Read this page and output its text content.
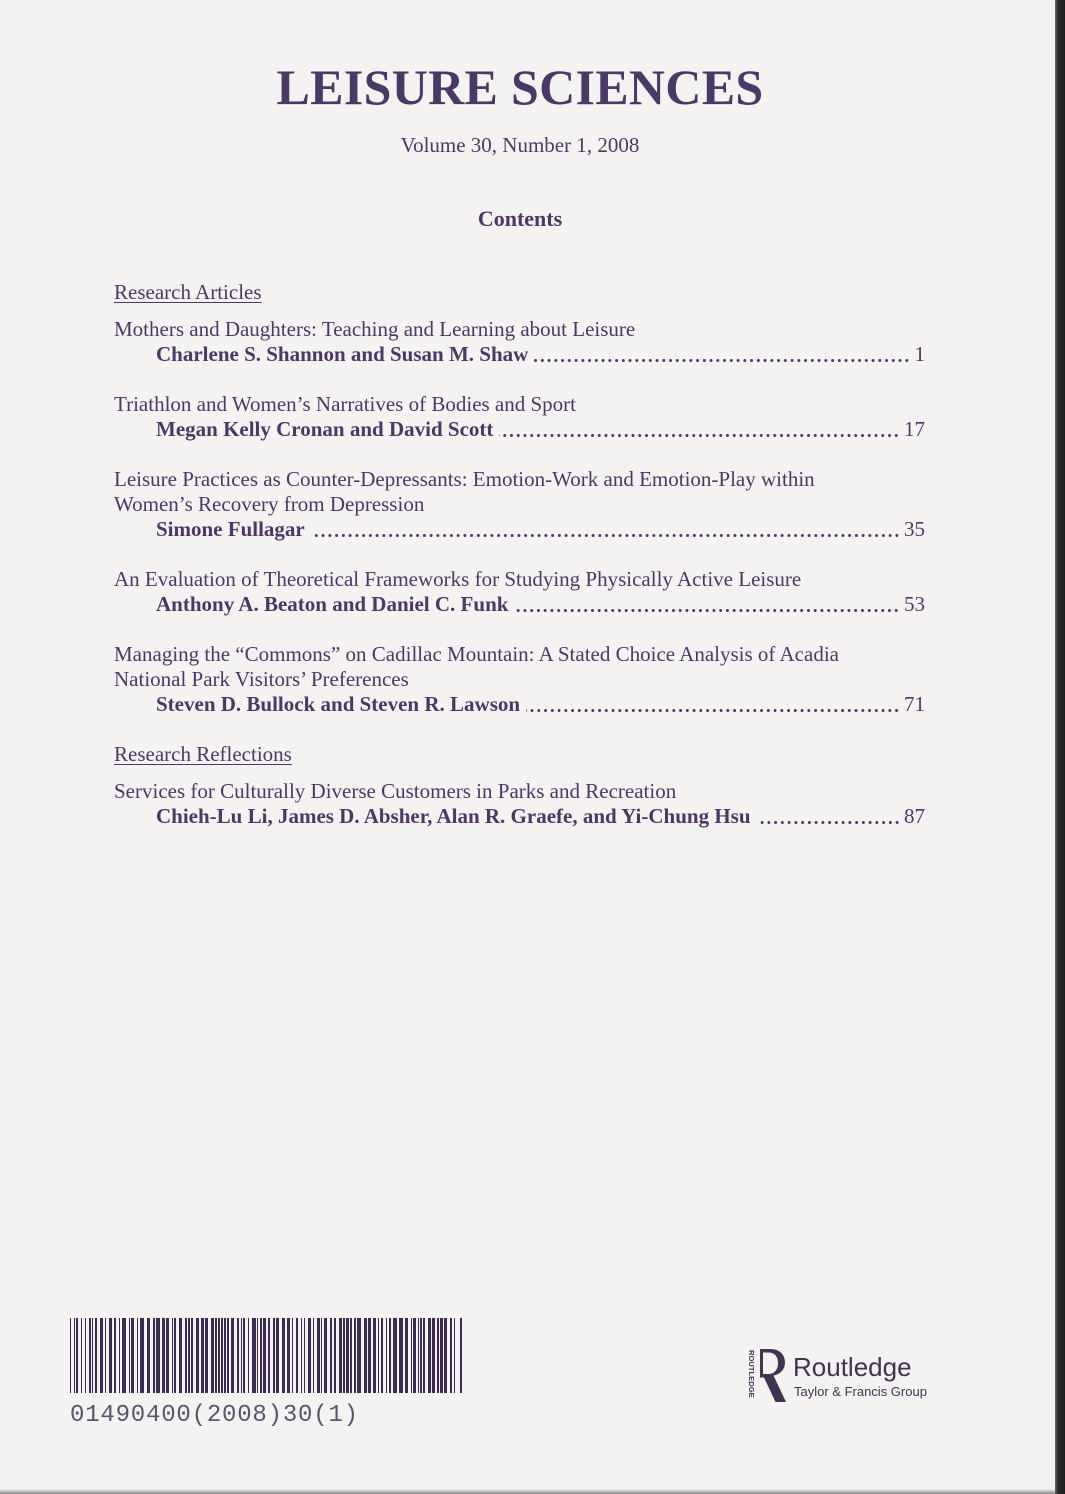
LEISURE SCIENCES
Volume 30, Number 1, 2008
Contents
Research Articles
Mothers and Daughters: Teaching and Learning about Leisure
Charlene S. Shannon and Susan M. Shaw	1
Triathlon and Women’s Narratives of Bodies and Sport
Megan Kelly Cronan and David Scott	17
Leisure Practices as Counter-Depressants: Emotion-Work and Emotion-Play within
Women’s Recovery from Depression
Simone Fullagar	35
An Evaluation of Theoretical Frameworks for Studying Physically Active Leisure
Anthony A. Beaton and Daniel C. Funk	53
Managing the “Commons” on Cadillac Mountain: A Stated Choice Analysis of Acadia
National Park Visitors’ Preferences
Steven D. Bullock and Steven R. Lawson	71
Research Reflections
Services for Culturally Diverse Customers in Parks and Recreation
Chieh-Lu Li, James D. Absher, Alan R. Graefe, and Yi-Chung Hsu	87
01490400(2008)30(1)
ROUTLEDGE Routledge
Taylor & Francis Group
